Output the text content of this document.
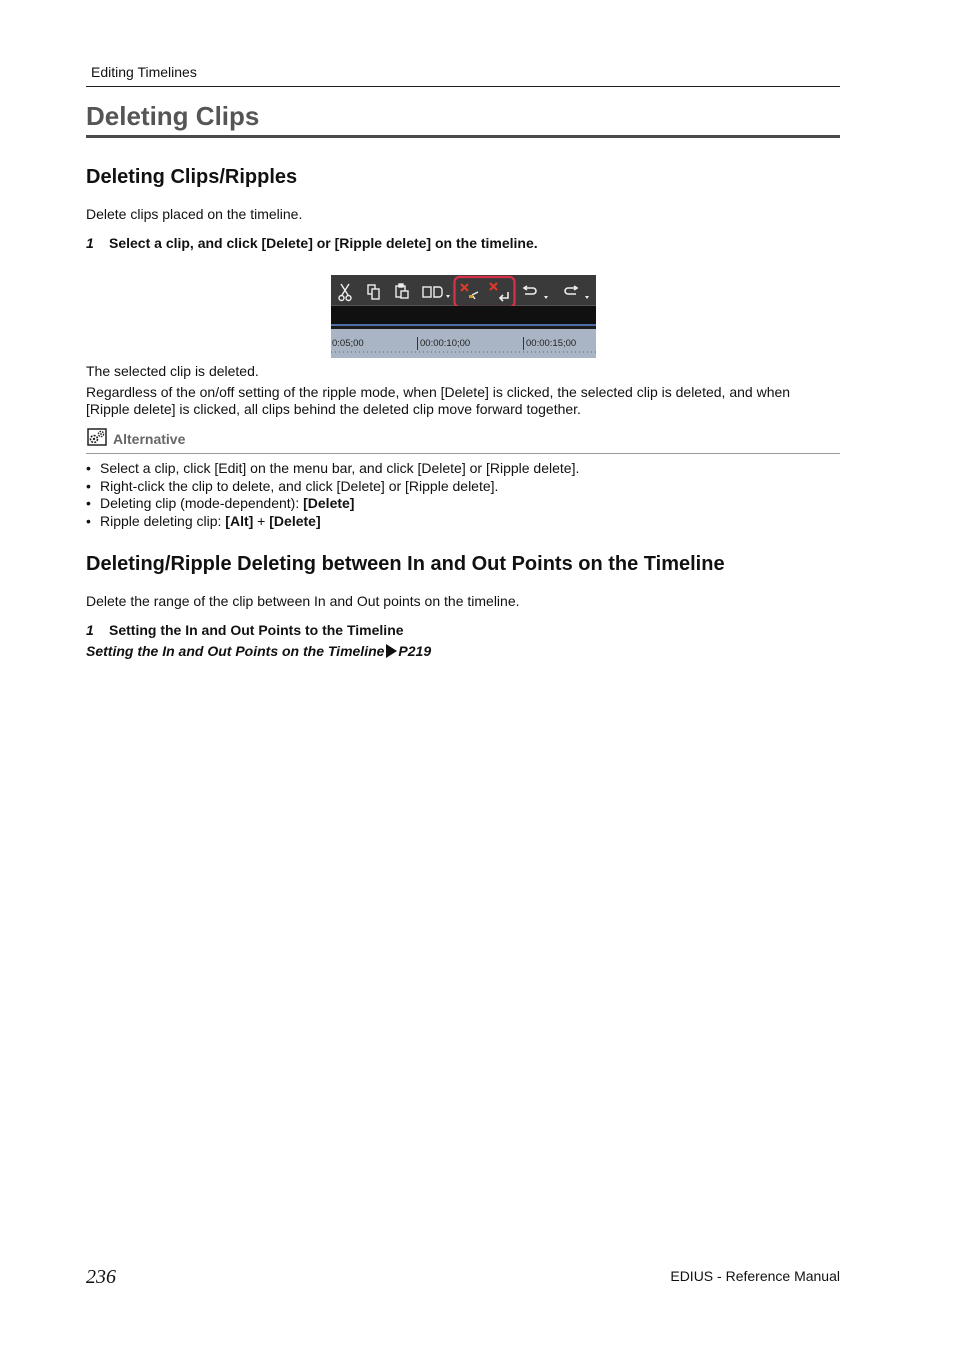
Editing Timelines
Deleting Clips
Deleting Clips/Ripples
Delete clips placed on the timeline.
1 Select a clip, and click [Delete] or [Ripple delete] on the timeline.
0:05;00	00:00:10;00	00:00:15;00
The selected clip is deleted.
Regardless of the on/off setting of the ripple mode, when [Delete] is clicked, the selected clip is deleted, and when
[Ripple delete] is clicked, all clips behind the deleted clip move forward together.
Alternative
• Select a clip, click [Edit] on the menu bar, and click [Delete] or [Ripple delete].
• Right-click the clip to delete, and click [Delete] or [Ripple delete].
• Deleting clip (mode-dependent): [Delete]
• Ripple deleting clip: [Alt] + [Delete]
Deleting/Ripple Deleting between In and Out Points on the Timeline
Delete the range of the clip between In and Out points on the timeline.
1 Setting the In and Out Points to the Timeline
Setting the In and Out Points on the Timeline P219
236	EDIUS - Reference Manual
